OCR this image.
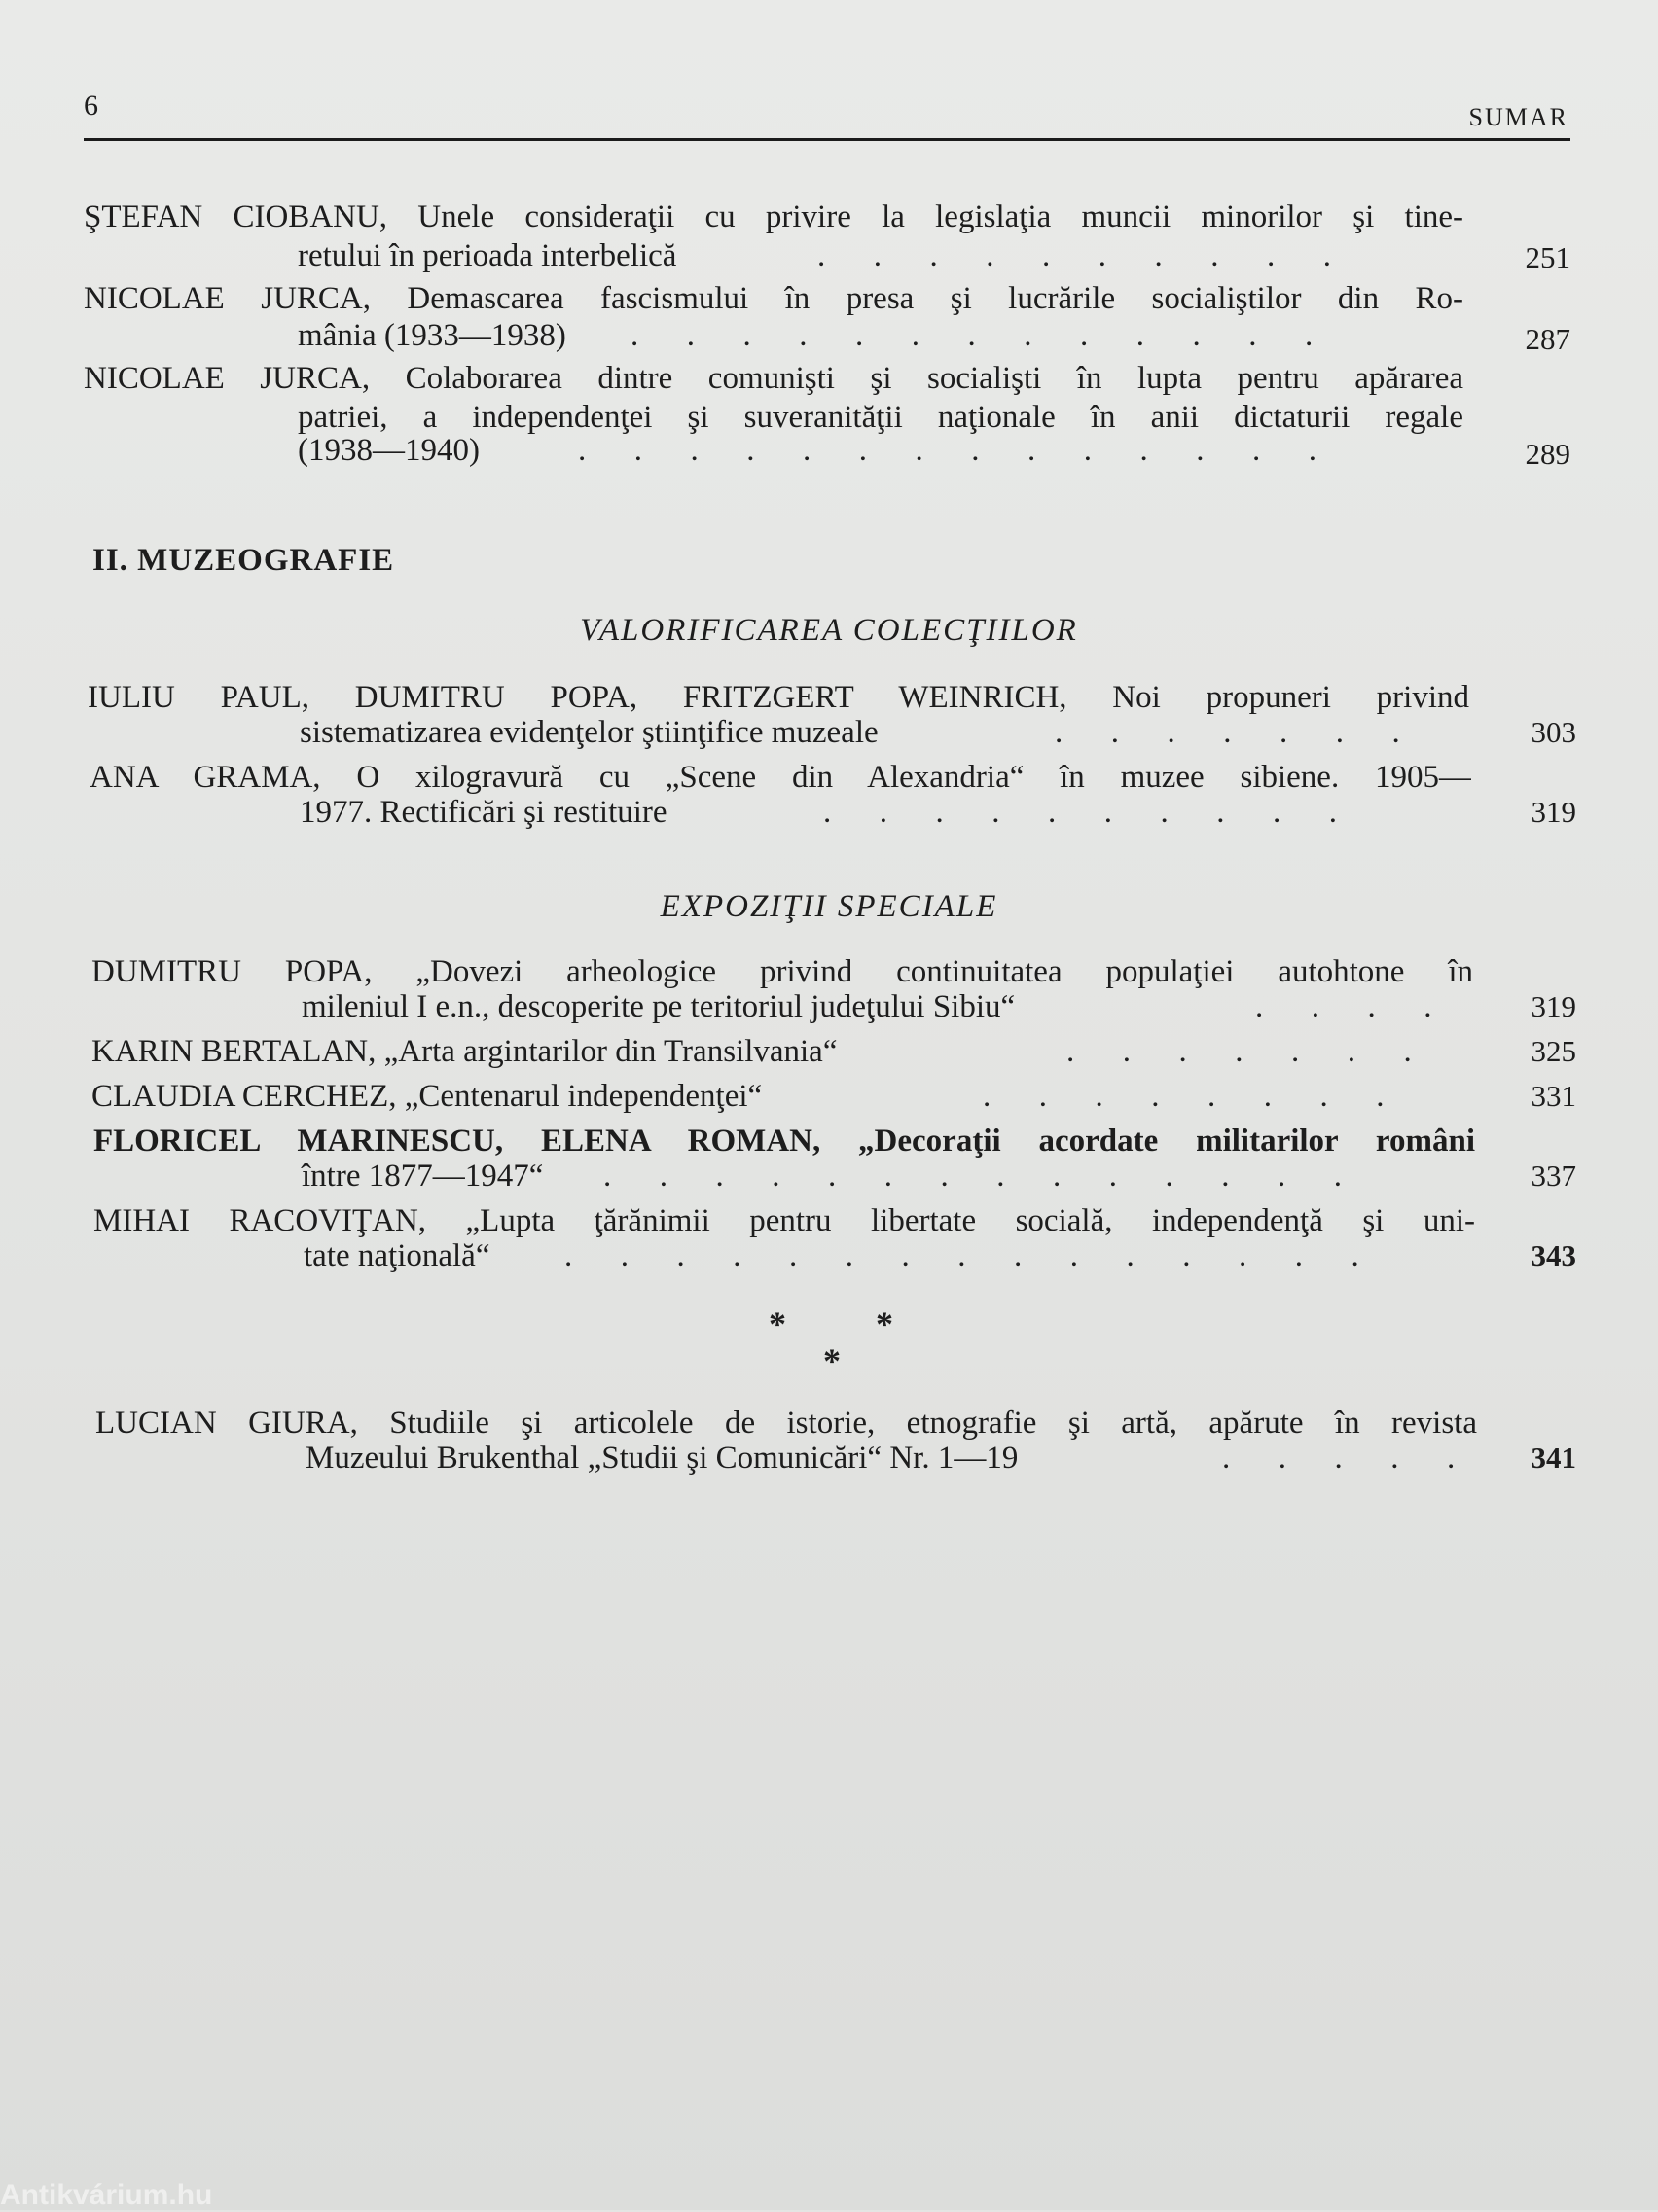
6	SUMAR
ŞTEFAN CIOBANU, Unele consideraţii cu privire la legislaţia muncii minorilor şi tine-
retului în perioada interbelică	.      .      .      .      .      .      .      .      .      .	251
NICOLAE JURCA, Demascarea fascismului în presa şi lucrările socialiştilor din Ro-
mânia (1933—1938) .      .      .      .      .      .      .      .      .      .      .      .      .	287
NICOLAE JURCA, Colaborarea dintre comunişti şi socialişti în lupta pentru apărarea
patriei, a independenţei şi suveranităţii naţionale în anii dictaturii regale
(1938—1940)	.      .      .      .      .      .      .      .      .      .      .      .      .      .	289
II. MUZEOGRAFIE
VALORIFICAREA COLECŢIILOR
IULIU PAUL, DUMITRU POPA, FRITZGERT WEINRICH, Noi propuneri privind
sistematizarea evidenţelor ştiinţifice muzeale	.      .      .      .      .      .      .	303
ANA GRAMA, O xilogravură cu „Scene din Alexandria“ în muzee sibiene. 1905—
1977. Rectificări şi restituire	.      .      .      .      .      .      .      .      .      .	319
EXPOZIŢII SPECIALE
DUMITRU POPA, „Dovezi arheologice privind continuitatea populaţiei autohtone în
mileniul I e.n., descoperite pe teritoriul judeţului Sibiu“	.      .      .      .	319
KARIN BERTALAN, „Arta argintarilor din Transilvania“	.      .      .      .      .      .      .	325
CLAUDIA CERCHEZ, „Centenarul independenţei“	.      .      .      .      .      .      .      .	331
FLORICEL MARINESCU, ELENA ROMAN, „Decoraţii acordate militarilor români
între 1877—1947“ .      .      .      .      .      .      .      .      .      .      .      .      .      .	337
MIHAI RACOVIŢAN, „Lupta ţărănimii pentru libertate socială, independenţă şi uni-
tate naţională“ .      .      .      .      .      .      .      .      .      .      .      .      .      .      .	343
*	*
*
LUCIAN GIURA, Studiile şi articolele de istorie, etnografie şi artă, apărute în revista
Muzeului Brukenthal „Studii şi Comunicări“ Nr. 1—19	.      .      .      .      .	341
Antikvárium.hu
